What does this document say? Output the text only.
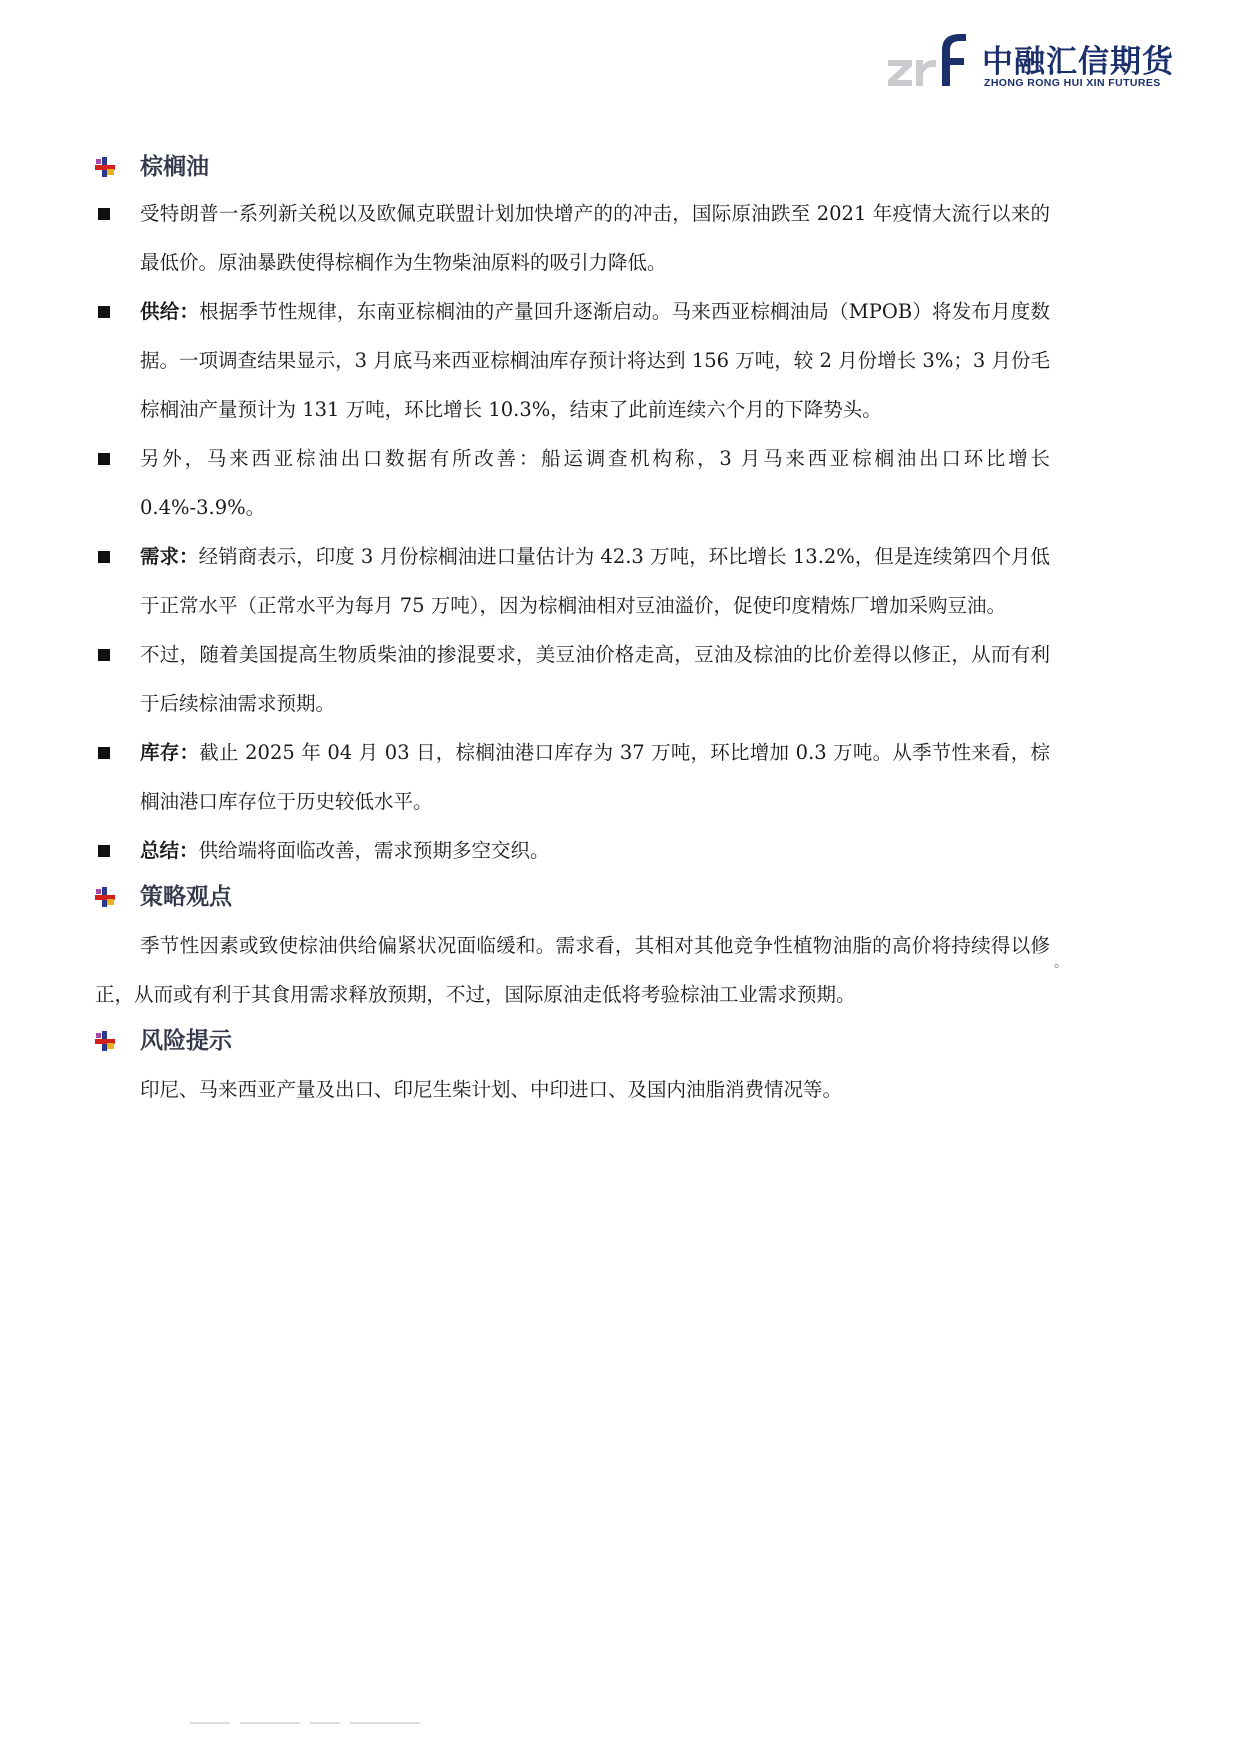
中融汇信期货
ZHONG RONG HUI XIN FUTURES
棕榈油
受特朗普一系列新关税以及欧佩克联盟计划加快增产的的冲击，国际原油跌至 2021 年疫情大流行以来的最低价。原油暴跌使得棕榈作为生物柴油原料的吸引力降低。
供给：根据季节性规律，东南亚棕榈油的产量回升逐渐启动。马来西亚棕榈油局（MPOB）将发布月度数据。一项调查结果显示，3 月底马来西亚棕榈油库存预计将达到 156 万吨，较 2 月份增长 3%；3 月份毛棕榈油产量预计为 131 万吨，环比增长 10.3%，结束了此前连续六个月的下降势头。
另外，马来西亚棕油出口数据有所改善：船运调查机构称，3 月马来西亚棕榈油出口环比增长 0.4%-3.9%。
需求：经销商表示，印度 3 月份棕榈油进口量估计为 42.3 万吨，环比增长 13.2%，但是连续第四个月低于正常水平（正常水平为每月 75 万吨），因为棕榈油相对豆油溢价，促使印度精炼厂增加采购豆油。
不过，随着美国提高生物质柴油的掺混要求，美豆油价格走高，豆油及棕油的比价差得以修正，从而有利于后续棕油需求预期。
库存：截止 2025 年 04 月 03 日，棕榈油港口库存为 37 万吨，环比增加 0.3 万吨。从季节性来看，棕榈油港口库存位于历史较低水平。
总结：供给端将面临改善，需求预期多空交织。
策略观点
季节性因素或致使棕油供给偏紧状况面临缓和。需求看，其相对其他竞争性植物油脂的高价将持续得以修正，从而或有利于其食用需求释放预期，不过，国际原油走低将考验棕油工业需求预期。
风险提示
印尼、马来西亚产量及出口、印尼生柴计划、中印进口、及国内油脂消费情况等。
。
